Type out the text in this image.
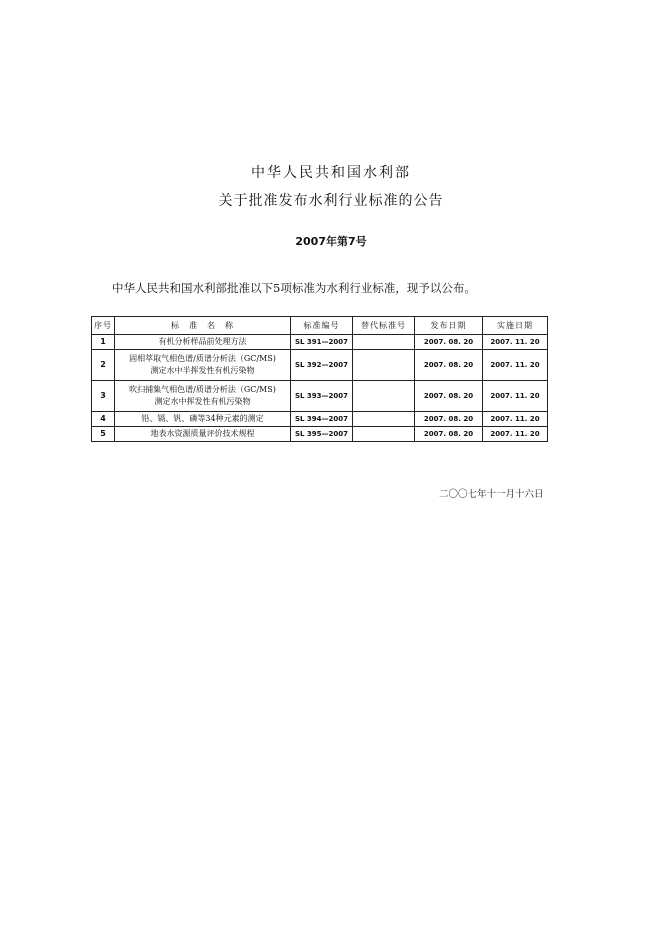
中华人民共和国水利部
关于批准发布水利行业标准的公告
2007年第7号
中华人民共和国水利部批准以下5项标准为水利行业标准，现予以公布。
序号	标　准　名　称	标准编号	替代标准号	发布日期	实施日期
1	有机分析样品前处理方法	SL 391—2007		2007. 08. 20	2007. 11. 20
2	固相萃取气相色谱/质谱分析法（GC/MS)
测定水中半挥发性有机污染物	SL 392—2007		2007. 08. 20	2007. 11. 20
3	吹扫捕集气相色谱/质谱分析法（GC/MS)
测定水中挥发性有机污染物	SL 393—2007		2007. 08. 20	2007. 11. 20
4	铅、镉、钒、磷等34种元素的测定	SL 394—2007		2007. 08. 20	2007. 11. 20
5	地表水资源质量评价技术规程	SL 395—2007		2007. 08. 20	2007. 11. 20
二〇〇七年十一月十六日
